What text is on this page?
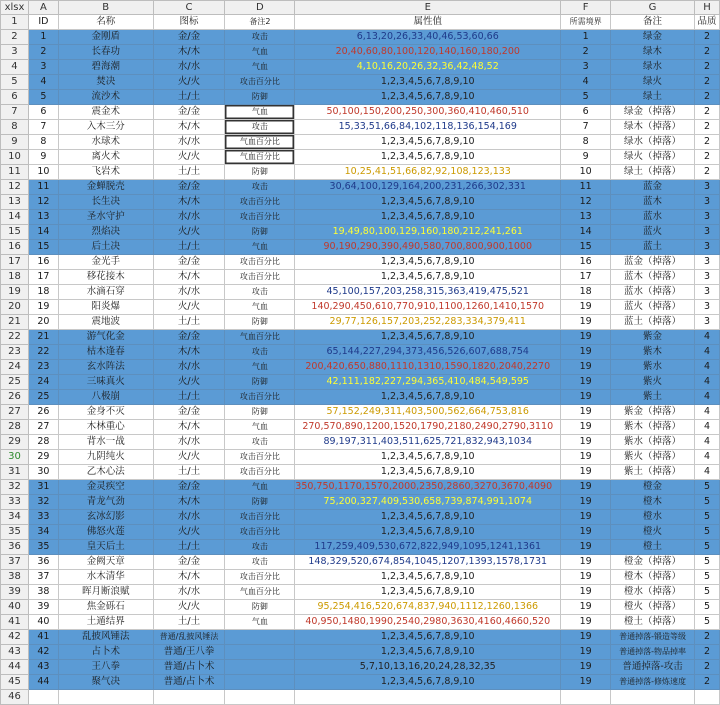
xlsx	A	B	C	D	E	F	G	H
1	ID	名称	图标	备注2	属性值	所需境界	备注	品质
2	1	金刚盾	金/金	攻击	6,13,20,26,33,40,46,53,60,66	1	绿金	2
3	2	长春功	木/木	气血	20,40,60,80,100,120,140,160,180,200	2	绿木	2
4	3	碧海潮	水/水	气血	4,10,16,20,26,32,36,42,48,52	3	绿水	2
5	4	焚决	火/火	攻击百分比	1,2,3,4,5,6,7,8,9,10	4	绿火	2
6	5	流沙术	土/土	防御	1,2,3,4,5,6,7,8,9,10	5	绿土	2
7	6	震金术	金/金	气血	50,100,150,200,250,300,360,410,460,510	6	绿金（掉落）	2
8	7	入木三分	木/木	攻击	15,33,51,66,84,102,118,136,154,169	7	绿木（掉落）	2
9	8	水球术	水/水	气血百分比	1,2,3,4,5,6,7,8,9,10	8	绿水（掉落）	2
10	9	离火术	火/火	气血百分比	1,2,3,4,5,6,7,8,9,10	9	绿火（掉落）	2
11	10	飞岩术	土/土	防御	10,25,41,51,66,82,92,108,123,133	10	绿土（掉落）	2
12	11	金蝉脱壳	金/金	攻击	30,64,100,129,164,200,231,266,302,331	11	蓝金	3
13	12	长生决	木/木	攻击百分比	1,2,3,4,5,6,7,8,9,10	12	蓝木	3
14	13	圣水守护	水/水	攻击百分比	1,2,3,4,5,6,7,8,9,10	13	蓝水	3
15	14	烈焰决	火/火	防御	19,49,80,100,129,160,180,212,241,261	14	蓝火	3
16	15	后土决	土/土	气血	90,190,290,390,490,580,700,800,900,1000	15	蓝土	3
17	16	金光手	金/金	攻击百分比	1,2,3,4,5,6,7,8,9,10	16	蓝金（掉落）	3
18	17	移花接木	木/木	攻击百分比	1,2,3,4,5,6,7,8,9,10	17	蓝木（掉落）	3
19	18	水滴石穿	水/水	攻击	45,100,157,203,258,315,363,419,475,521	18	蓝水（掉落）	3
20	19	阳炎爆	火/火	气血	140,290,450,610,770,910,1100,1260,1410,1570	19	蓝火（掉落）	3
21	20	震地波	土/土	防御	29,77,126,157,203,252,283,334,379,411	19	蓝土（掉落）	3
22	21	游气化金	金/金	气血百分比	1,2,3,4,5,6,7,8,9,10	19	紫金	4
23	22	枯木逢春	木/木	攻击	65,144,227,294,373,456,526,607,688,754	19	紫木	4
24	23	玄水阵法	水/水	气血	200,420,650,880,1110,1310,1590,1820,2040,2270	19	紫水	4
25	24	三味真火	火/火	防御	42,111,182,227,294,365,410,484,549,595	19	紫火	4
26	25	八极崩	土/土	攻击百分比	1,2,3,4,5,6,7,8,9,10	19	紫土	4
27	26	金身不灭	金/金	防御	57,152,249,311,403,500,562,664,753,816	19	紫金（掉落）	4
28	27	木林重心	木/木	气血	270,570,890,1200,1520,1790,2180,2490,2790,3110	19	紫木（掉落）	4
29	28	背水一战	水/水	攻击	89,197,311,403,511,625,721,832,943,1034	19	紫水（掉落）	4
30	29	九阴纯火	火/火	攻击百分比	1,2,3,4,5,6,7,8,9,10	19	紫火（掉落）	4
31	30	乙木心法	土/土	攻击百分比	1,2,3,4,5,6,7,8,9,10	19	紫土（掉落）	4
32	31	金灵疾空	金/金	气血	350,750,1170,1570,2000,2350,2860,3270,3670,4090	19	橙金	5
33	32	青龙气劲	木/木	防御	75,200,327,409,530,658,739,874,991,1074	19	橙木	5
34	33	玄冰幻影	水/水	攻击百分比	1,2,3,4,5,6,7,8,9,10	19	橙水	5
35	34	佛怒火莲	火/火	攻击百分比	1,2,3,4,5,6,7,8,9,10	19	橙火	5
36	35	皇天后土	土/土	攻击	117,259,409,530,672,822,949,1095,1241,1361	19	橙土	5
37	36	金阙天章	金/金	攻击	148,329,520,674,854,1045,1207,1393,1578,1731	19	橙金（掉落）	5
38	37	水木清华	木/木	攻击百分比	1,2,3,4,5,6,7,8,9,10	19	橙木（掉落）	5
39	38	晖月断浪赋	水/水	气血百分比	1,2,3,4,5,6,7,8,9,10	19	橙水（掉落）	5
40	39	焦金砾石	火/火	防御	95,254,416,520,674,837,940,1112,1260,1366	19	橙火（掉落）	5
41	40	土遁结界	土/土	气血	40,950,1480,1990,2540,2980,3630,4160,4660,520	19	橙土（掉落）	5
42	41	乱披风锤法	普通/乱披风锤法		1,2,3,4,5,6,7,8,9,10	19	普通掉落-锻造等级	2
43	42	占卜术	普通/王八拳		1,2,3,4,5,6,7,8,9,10	19	普通掉落-物品掉率	2
44	43	王八拳	普通/占卜术		5,7,10,13,16,20,24,28,32,35	19	普通掉落-攻击	2
45	44	聚气决	普通/占卜术		1,2,3,4,5,6,7,8,9,10	19	普通掉落-修炼速度	2
46								
